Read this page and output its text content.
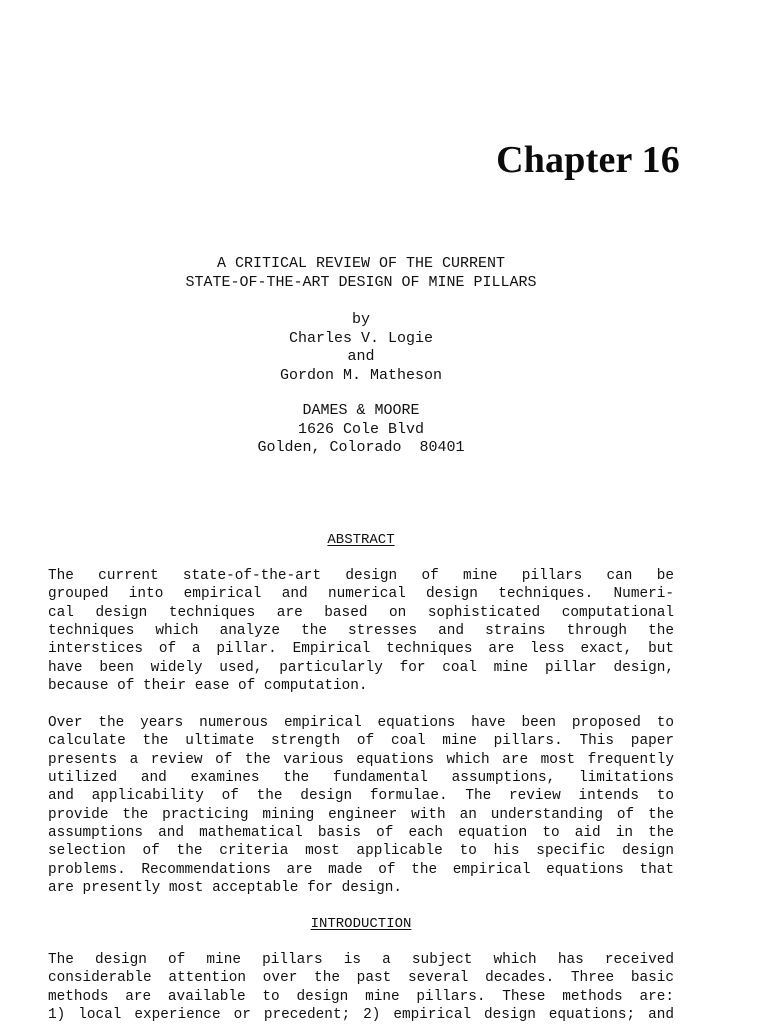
Chapter 16
A CRITICAL REVIEW OF THE CURRENT
STATE-OF-THE-ART DESIGN OF MINE PILLARS
by
Charles V. Logie
and
Gordon M. Matheson
DAMES & MOORE
1626 Cole Blvd
Golden, Colorado  80401
ABSTRACT
The current state-of-the-art design of mine pillars can be
grouped into empirical and numerical design techniques. Numeri-
cal design techniques are based on sophisticated computational
techniques which analyze the stresses and strains through the
interstices of a pillar. Empirical techniques are less exact, but
have been widely used, particularly for coal mine pillar design,
because of their ease of computation.
Over the years numerous empirical equations have been proposed to
calculate the ultimate strength of coal mine pillars. This paper
presents a review of the various equations which are most frequently
utilized and examines the fundamental assumptions, limitations
and applicability of the design formulae. The review intends to
provide the practicing mining engineer with an understanding of the
assumptions and mathematical basis of each equation to aid in the
selection of the criteria most applicable to his specific design
problems. Recommendations are made of the empirical equations that
are presently most acceptable for design.
INTRODUCTION
The design of mine pillars is a subject which has received
considerable attention over the past several decades. Three basic
methods are available to design mine pillars. These methods are:
1) local experience or precedent; 2) empirical design equations; and
